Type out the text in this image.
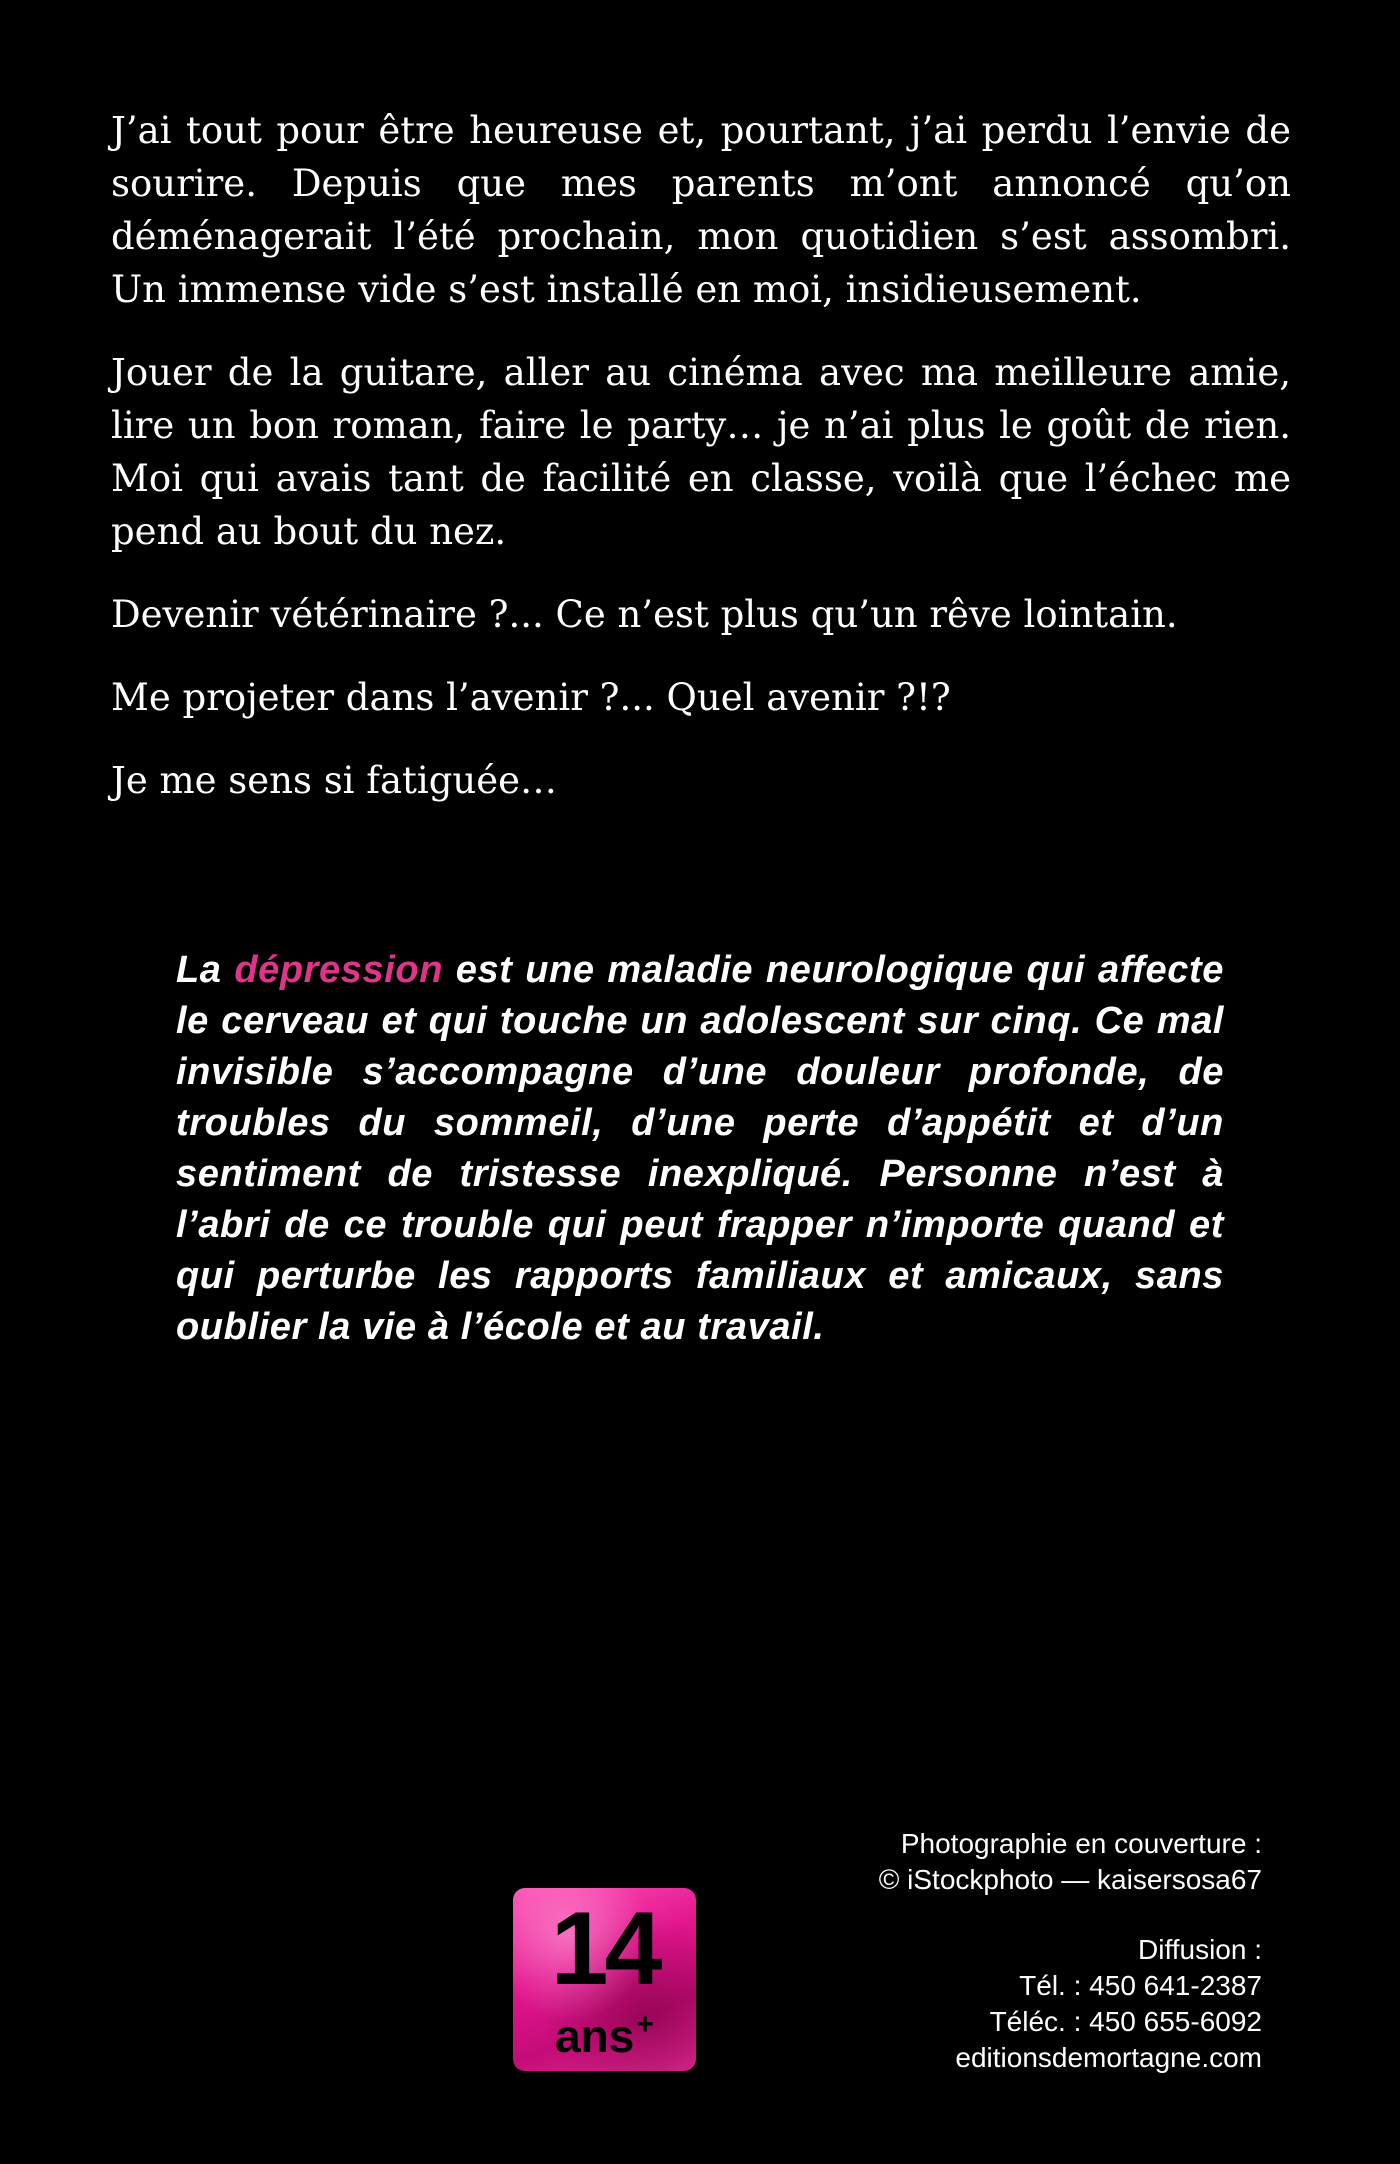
J’ai tout pour être heureuse et, pourtant, j’ai perdu l’envie de sourire. Depuis que mes parents m’ont annoncé qu’on déménagerait l’été prochain, mon quotidien s’est assombri. Un immense vide s’est installé en moi, insidieusement.

Jouer de la guitare, aller au cinéma avec ma meilleure amie, lire un bon roman, faire le party… je n’ai plus le goût de rien. Moi qui avais tant de facilité en classe, voilà que l’échec me pend au bout du nez.

Devenir vétérinaire ?... Ce n’est plus qu’un rêve lointain.

Me projeter dans l’avenir ?... Quel avenir ?!?

Je me sens si fatiguée…

La dépression est une maladie neurologique qui affecte le cerveau et qui touche un adolescent sur cinq. Ce mal invisible s’accompagne d’une douleur profonde, de troubles du sommeil, d’une perte d’appétit et d’un sentiment de tristesse inexpliqué. Personne n’est à l’abri de ce trouble qui peut frapper n’importe quand et qui perturbe les rapports familiaux et amicaux, sans oublier la vie à l’école et au travail.
14
ans+
Photographie en couverture :
© iStockphoto — kaisersosa67
Diffusion :
Tél. : 450 641-2387
Téléc. : 450 655-6092
editionsdemortagne.com
